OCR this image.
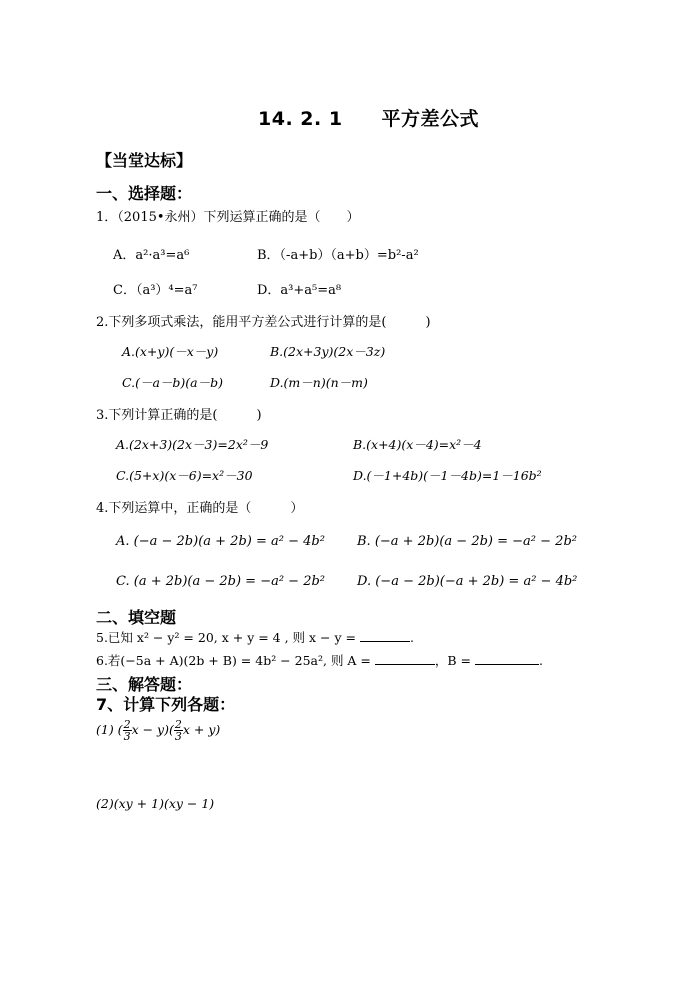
14. 2. 1　　平方差公式
【当堂达标】
一、选择题：
1．（2015•永州）下列运算正确的是（　　）
A．a²·a³=a⁶	B．（-a+b）（a+b）=b²-a²
C．（a³）⁴=a⁷	D．a³+a⁵=a⁸
2.下列多项式乘法，能用平方差公式进行计算的是(　　　)
A.(x+y)(－x－y)	B.(2x+3y)(2x－3z)
C.(－a－b)(a－b)	D.(m－n)(n－m)
3.下列计算正确的是(　　　)
A.(2x+3)(2x－3)=2x²－9	B.(x+4)(x－4)=x²－4
C.(5+x)(x－6)=x²－30	D.(－1+4b)(－1－4b)=1－16b²
4.下列运算中，正确的是（　　　）
A. (−a − 2b)(a + 2b) = a² − 4b² B. (−a + 2b)(a − 2b) = −a² − 2b²
C. (a + 2b)(a − 2b) = −a² − 2b² D. (−a − 2b)(−a + 2b) = a² − 4b²
二、填空题
5.已知 x² − y² = 20, x + y = 4 , 则 x − y =	.
6.若(−5a + A)(2b + B) = 4b² − 25a², 则 A =	，B =	.
三、解答题：
7、计算下列各题：
(1) ( $\frac{2}{3}$ $x - y)( \frac{2}{3}$ x + y)
(2)(xy + 1)(xy − 1)
